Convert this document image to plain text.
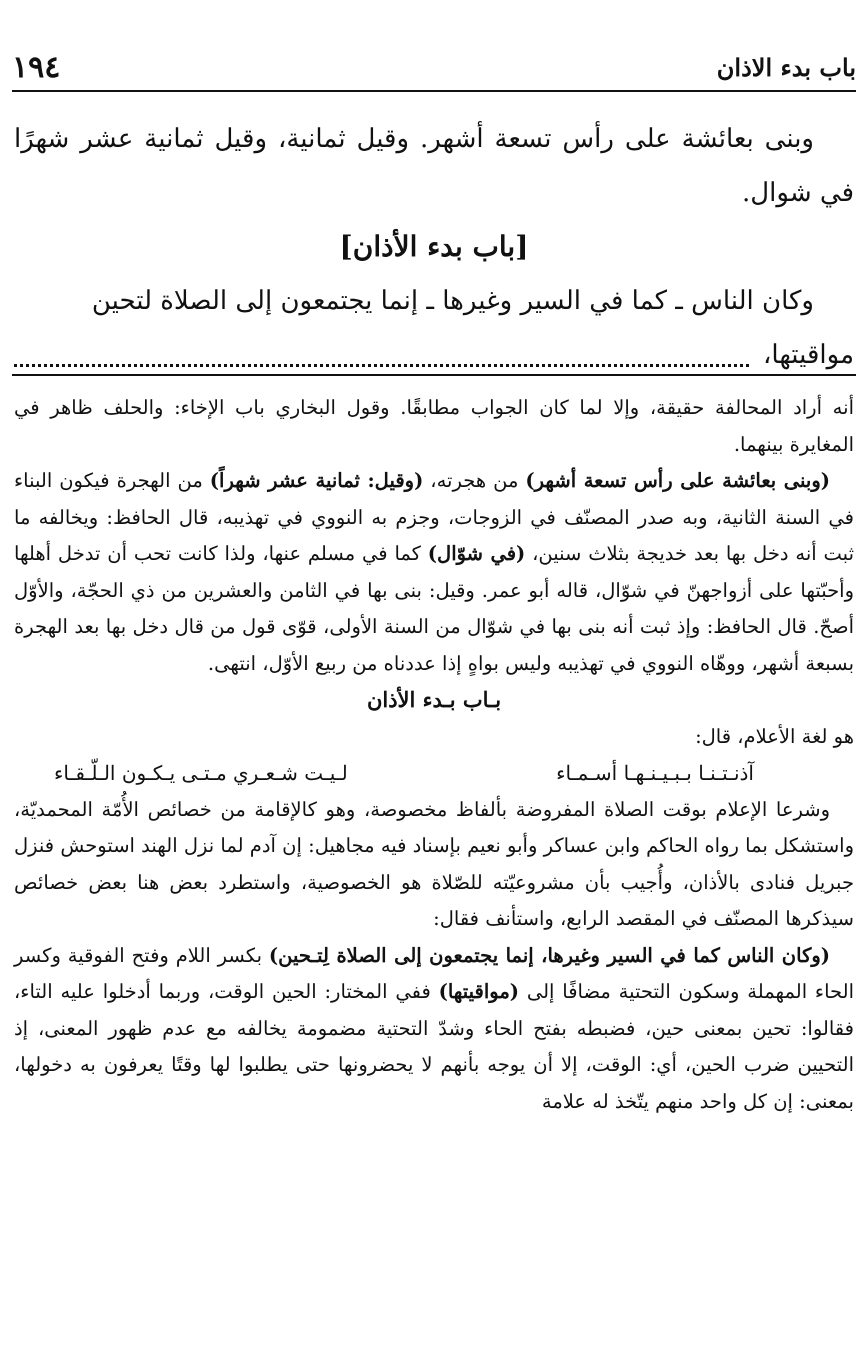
باب بدء الاذان
١٩٤

وبنى بعائشة على رأس تسعة أشهر. وقيل ثمانية، وقيل ثمانية عشر شهرًا في شوال.

[باب بدء الأذان]

وكان الناس ـ كما في السير وغيرها ـ إنما يجتمعون إلى الصلاة لتحين

مواقيتها،

أنه أراد المحالفة حقيقة، وإلا لما كان الجواب مطابقًا. وقول البخاري باب الإخاء: والحلف ظاهر في المغايرة بينهما.

(وبنى بعائشة على رأس تسعة أشهر) من هجرته، (وقيل: ثمانية عشر شهراً) من الهجرة فيكون البناء في السنة الثانية، وبه صدر المصنّف في الزوجات، وجزم به النووي في تهذيبه، قال الحافظ: ويخالفه ما ثبت أنه دخل بها بعد خديجة بثلاث سنين، (في شوّال) كما في مسلم عنها، ولذا كانت تحب أن تدخل أهلها وأحبّتها على أزواجهنّ في شوّال، قاله أبو عمر. وقيل: بنى بها في الثامن والعشرين من ذي الحجّة، والأوّل أصحّ. قال الحافظ: وإذ ثبت أنه بنى بها في شوّال من السنة الأولى، قوّى قول من قال دخل بها بعد الهجرة بسبعة أشهر، ووهّاه النووي في تهذيبه وليس بواهٍ إذا عددناه من ربيع الأوّل، انتهى.

بـاب بـدء الأذان

هو لغة الأعلام، قال:

آذنـتـنـا بـبـيـنـهـا أسـمـاء
لـيـت شـعـري مـتـى يـكـون الـلّـقـاء

وشرعا الإعلام بوقت الصلاة المفروضة بألفاظ مخصوصة، وهو كالإقامة من خصائص الأُمّة المحمديّة، واستشكل بما رواه الحاكم وابن عساكر وأبو نعيم بإسناد فيه مجاهيل: إن آدم لما نزل الهند استوحش فنزل جبريل فنادى بالأذان، وأُجيب بأن مشروعيّته للصّلاة هو الخصوصية، واستطرد بعض هنا بعض خصائص سيذكرها المصنّف في المقصد الرابع، واستأنف فقال:

(وكان الناس كما في السير وغيرها، إنما يجتمعون إلى الصلاة لِتـحين) بكسر اللام وفتح الفوقية وكسر الحاء المهملة وسكون التحتية مضافًا إلى (مواقيتها) ففي المختار: الحين الوقت، وربما أدخلوا عليه التاء، فقالوا: تحين بمعنى حين، فضبطه بفتح الحاء وشدّ التحتية مضمومة يخالفه مع عدم ظهور المعنى، إذ التحيين ضرب الحين، أي: الوقت، إلا أن يوجه بأنهم لا يحضرونها حتى يطلبوا لها وقتًا يعرفون به دخولها، بمعنى: إن كل واحد منهم يتّخذ له علامة
